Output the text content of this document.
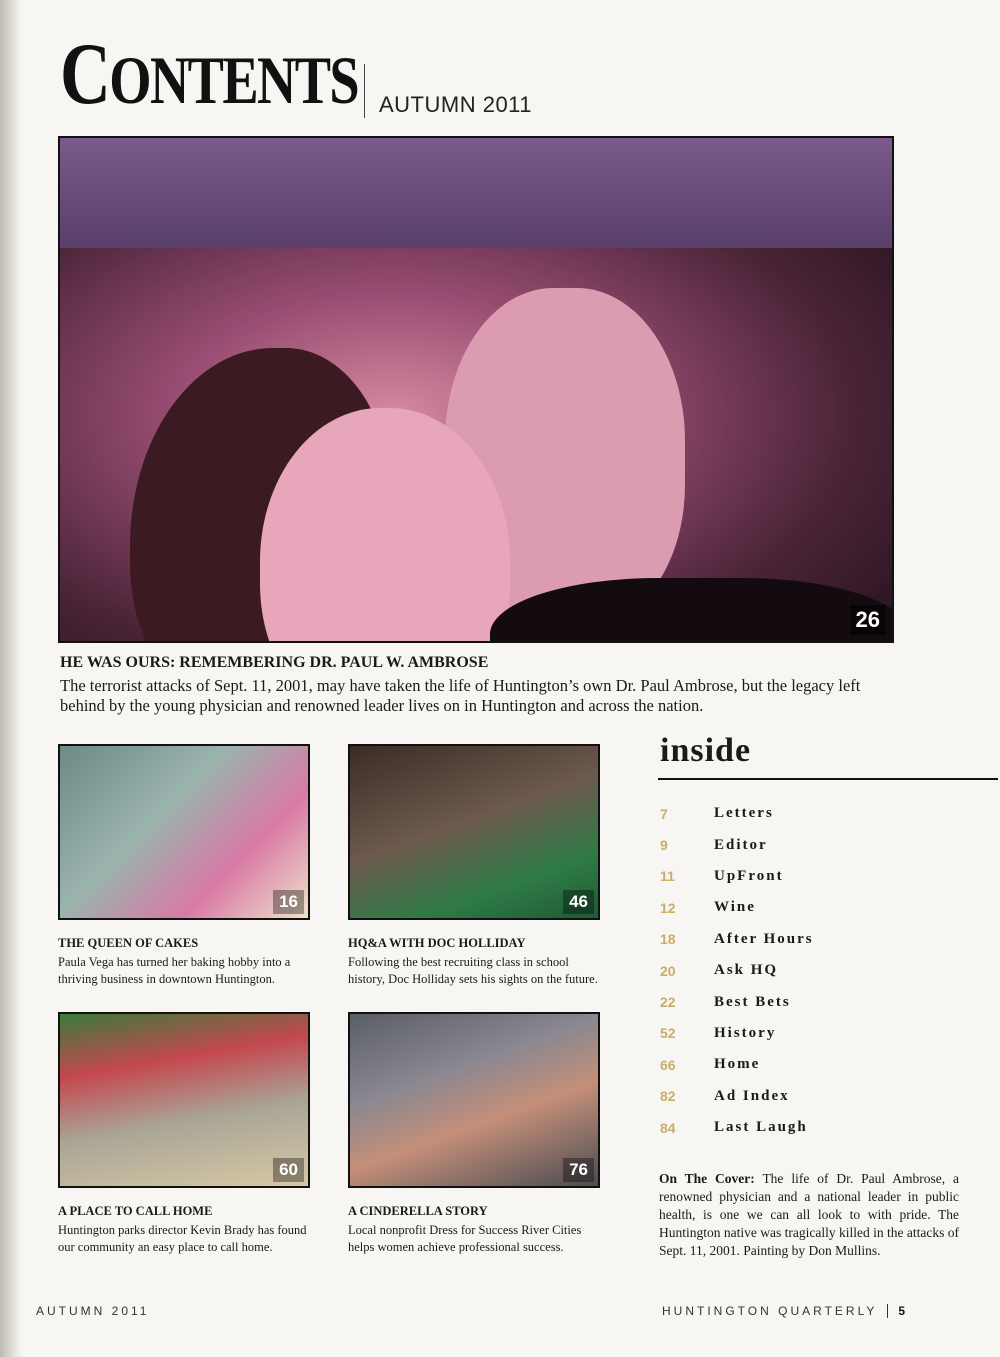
CONTENTS AUTUMN 2011
26
HE WAS OURS: REMEMBERING DR. PAUL W. AMBROSE

The terrorist attacks of Sept. 11, 2001, may have taken the life of Huntington’s own Dr. Paul Ambrose, but the legacy left behind by the young physician and renowned leader lives on in Huntington and across the nation.

16
THE QUEEN OF CAKES

Paula Vega has turned her baking hobby into a thriving business in downtown Huntington.

46
HQ&A WITH DOC HOLLIDAY

Following the best recruiting class in school history, Doc Holliday sets his sights on the future.

60
A PLACE TO CALL HOME

Huntington parks director Kevin Brady has found our community an easy place to call home.

76
A CINDERELLA STORY

Local nonprofit Dress for Success River Cities helps women achieve professional success.

inside
7	Letters
9	Editor
11	UpFront
12	Wine
18	After Hours
20	Ask HQ
22	Best Bets
52	History
66	Home
82	Ad Index
84	Last Laugh

On The Cover: The life of Dr. Paul Ambrose, a renowned physician and a national leader in public health, is one we can all look to with pride. The Huntington native was tragically killed in the attacks of Sept. 11, 2001. Painting by Don Mullins.

AUTUMN 2011	HUNTINGTON QUARTERLY 5
